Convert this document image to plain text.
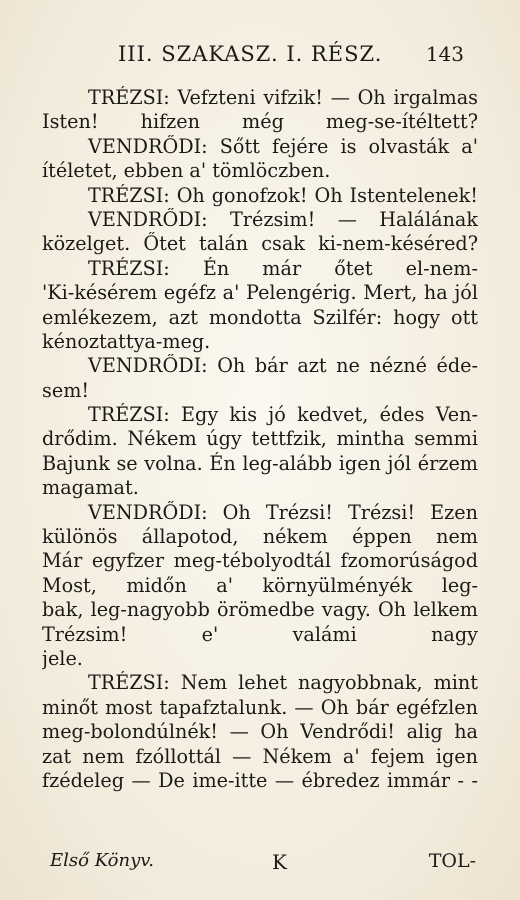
III. SZAKASZ. I. RÉSZ. 143
TRÉZSI: Vefzteni vifzik! — Oh irgalmas
Isten! hifzen még meg-se-ítéltett?
VENDRŐDI: Sőtt fejére is olvasták a'
ítéletet, ebben a' tömlöczben.
TRÉZSI: Oh gonofzok! Oh Istentelenek!
VENDRŐDI: Trézsim! — Halálának
közelget. Őtet talán csak ki-nem-késéred?
TRÉZSI: Én már őtet el-nem-
'Ki-késérem egéfz a' Pelengérig. Mert, ha jól
emlékezem, azt mondotta Szilfér: hogy ott
kénoztattya-meg.
VENDRŐDI: Oh bár azt ne nézné éde-
sem!
TRÉZSI: Egy kis jó kedvet, édes Ven-
drődim. Nékem úgy tettfzik, mintha semmi
Bajunk se volna. Én leg-alább igen jól érzem
magamat.
VENDRŐDI: Oh Trézsi! Trézsi! Ezen
különös állapotod, nékem éppen nem
Már egyfzer meg-tébolyodtál fzomorúságod
Most, midőn a' környülményék leg-
bak, leg-nagyobb örömedbe vagy. Oh lelkem
Trézsim! e' valámi nagy
jele.
TRÉZSI: Nem lehet nagyobbnak, mint
minőt most tapafztalunk. — Oh bár egéfzlen
meg-bolondúlnék! — Oh Vendrődi! alig ha
zat nem fzóllottál — Nékem a' fejem igen
fzédeleg — De ime-itte — ébredez immár - -
Első Könyv.	K	TOL-
